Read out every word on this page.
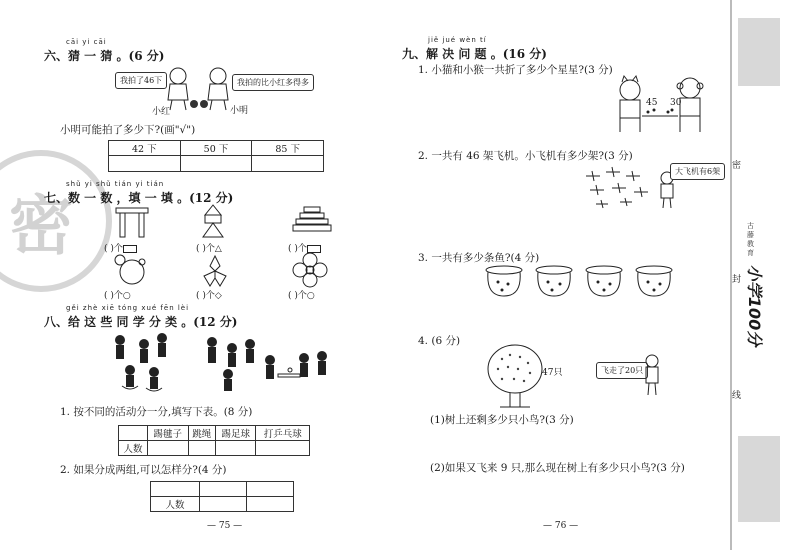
密
cāi yi cāi
六、猜 一 猜 。(6 分)
我拍了46下	我拍的比小红多得多
小红	小明
小明可能拍了多少下?(画"√")
42 下	50 下	85 下

shǔ yi shǔ tián yi tián
七、数 一 数 ，填 一 填 。(12 分)
( )个	( )个△	( )个
( )个○	( )个◇	( )个○
gěi zhè xiē tóng xué fēn lèi
八、给 这 些 同 学 分 类 。(12 分)
1. 按不同的活动分一分,填写下表。(8 分)
	踢毽子	跳绳	踢足球	打乒乓球
人数				
2. 如果分成两组,可以怎样分?(4 分)

人数		
— 75 —
jiě jué wèn tí
九、解 决 问 题 。(16 分)
1. 小猫和小猴一共折了多少个星星?(3 分)
45 30
2. 一共有 46 架飞机。小飞机有多少架?(3 分)
大飞机有6架
3. 一共有多少条鱼?(4 分)
4. (6 分)
47只	飞走了20只
(1)树上还剩多少只小鸟?(3 分)
(2)如果又飞来 9 只,那么现在树上有多少只小鸟?(3 分)
— 76 —
古藤教育
小学100分
密
封
线
